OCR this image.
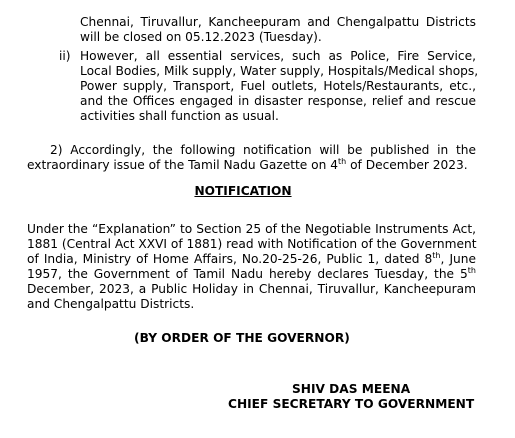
Chennai, Tiruvallur, Kancheepuram and Chengalpattu Districts
will be closed on 05.12.2023 (Tuesday).
ii) However, all essential services, such as Police, Fire Service,
Local Bodies, Milk supply, Water supply, Hospitals/Medical shops,
Power supply, Transport, Fuel outlets, Hotels/Restaurants, etc.,
and the Offices engaged in disaster response, relief and rescue
activities shall function as usual.
2) Accordingly, the following notification will be published in the
extraordinary issue of the Tamil Nadu Gazette on 4th of December 2023.
NOTIFICATION
Under the “Explanation” to Section 25 of the Negotiable Instruments Act,
1881 (Central Act XXVI of 1881) read with Notification of the Government
of India, Ministry of Home Affairs, No.20-25-26, Public 1, dated 8th, June
1957, the Government of Tamil Nadu hereby declares Tuesday, the 5th
December, 2023, a Public Holiday in Chennai, Tiruvallur, Kancheepuram
and Chengalpattu Districts.
(BY ORDER OF THE GOVERNOR)
SHIV DAS MEENA
CHIEF SECRETARY TO GOVERNMENT
